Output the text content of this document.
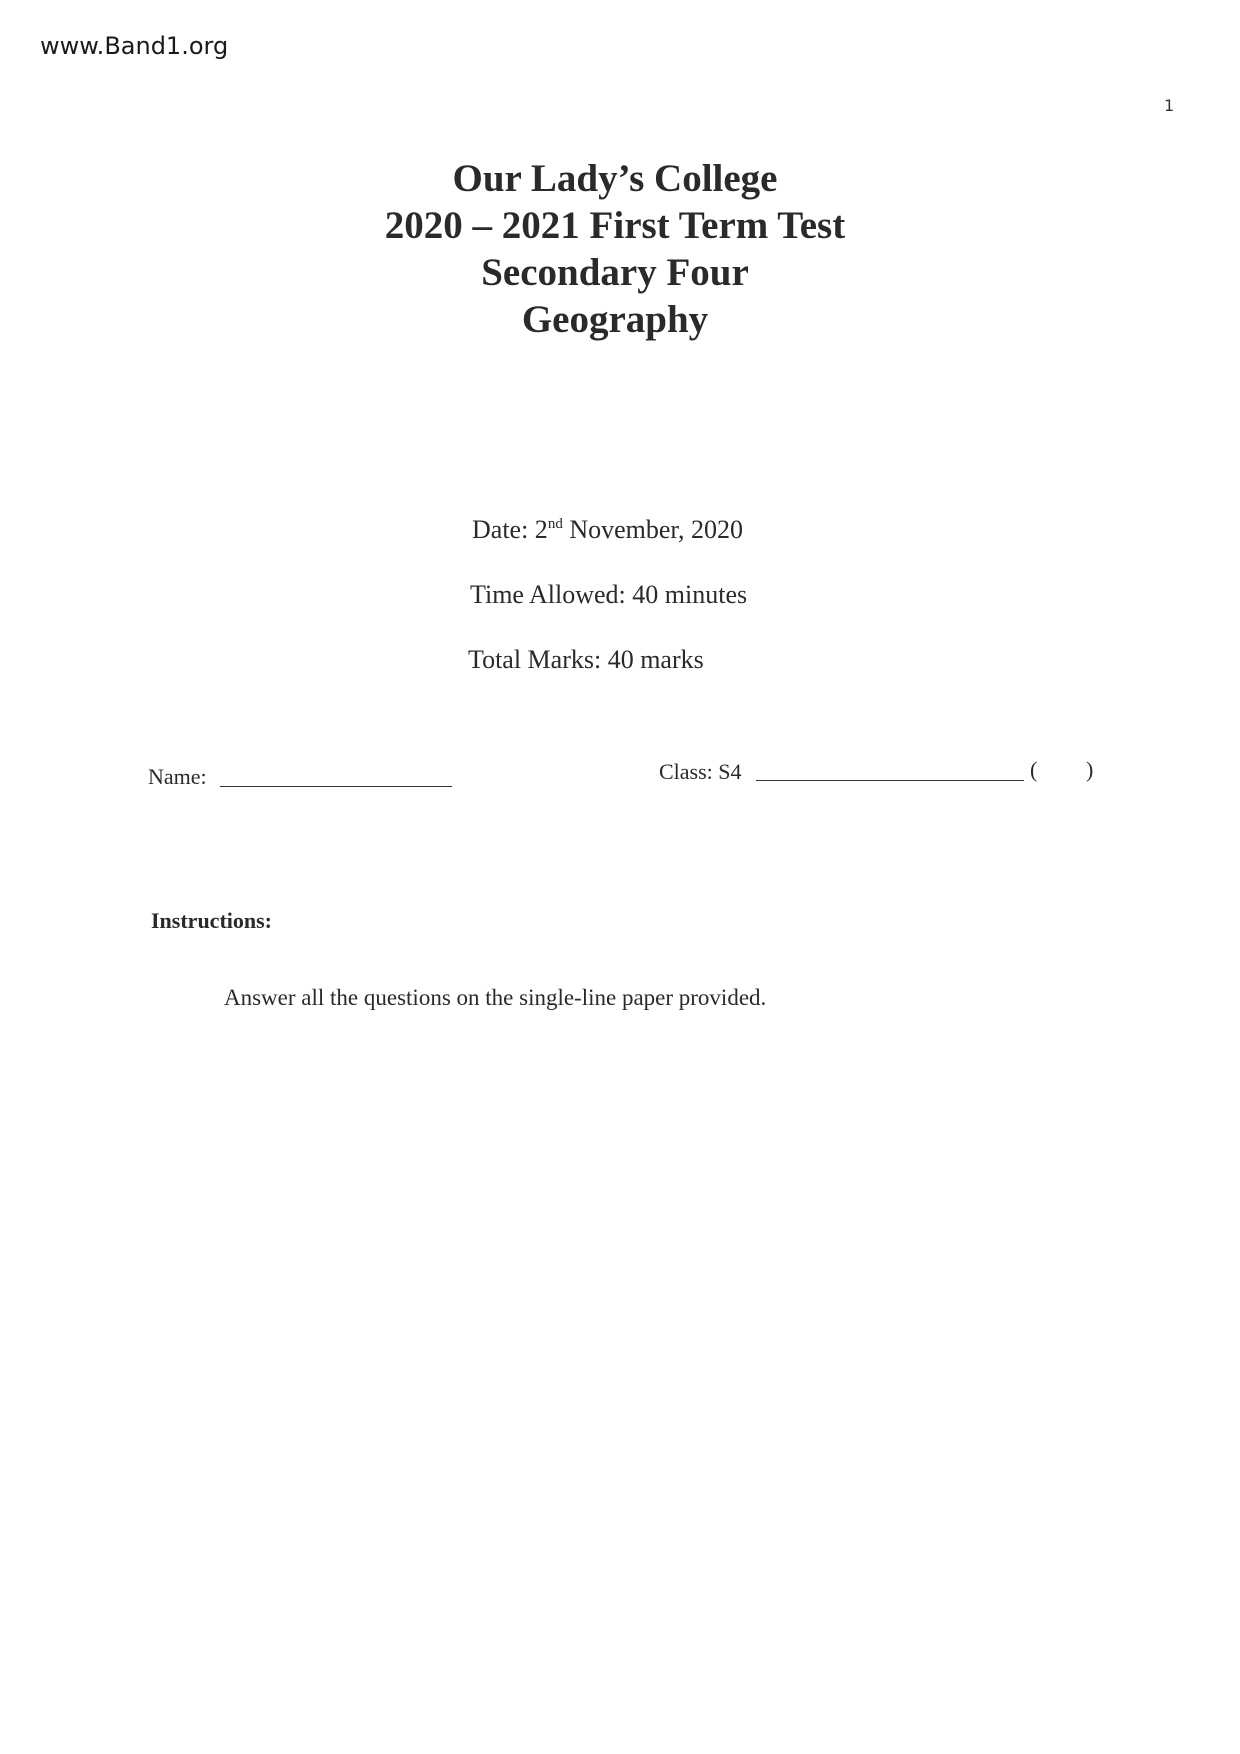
www.Band1.org
1
Our Lady’s College
2020 – 2021 First Term Test
Secondary Four
Geography
Date: 2nd November, 2020
Time Allowed: 40 minutes
Total Marks: 40 marks
Name:	Class: S4	( )
Instructions:
Answer all the questions on the single-line paper provided.
